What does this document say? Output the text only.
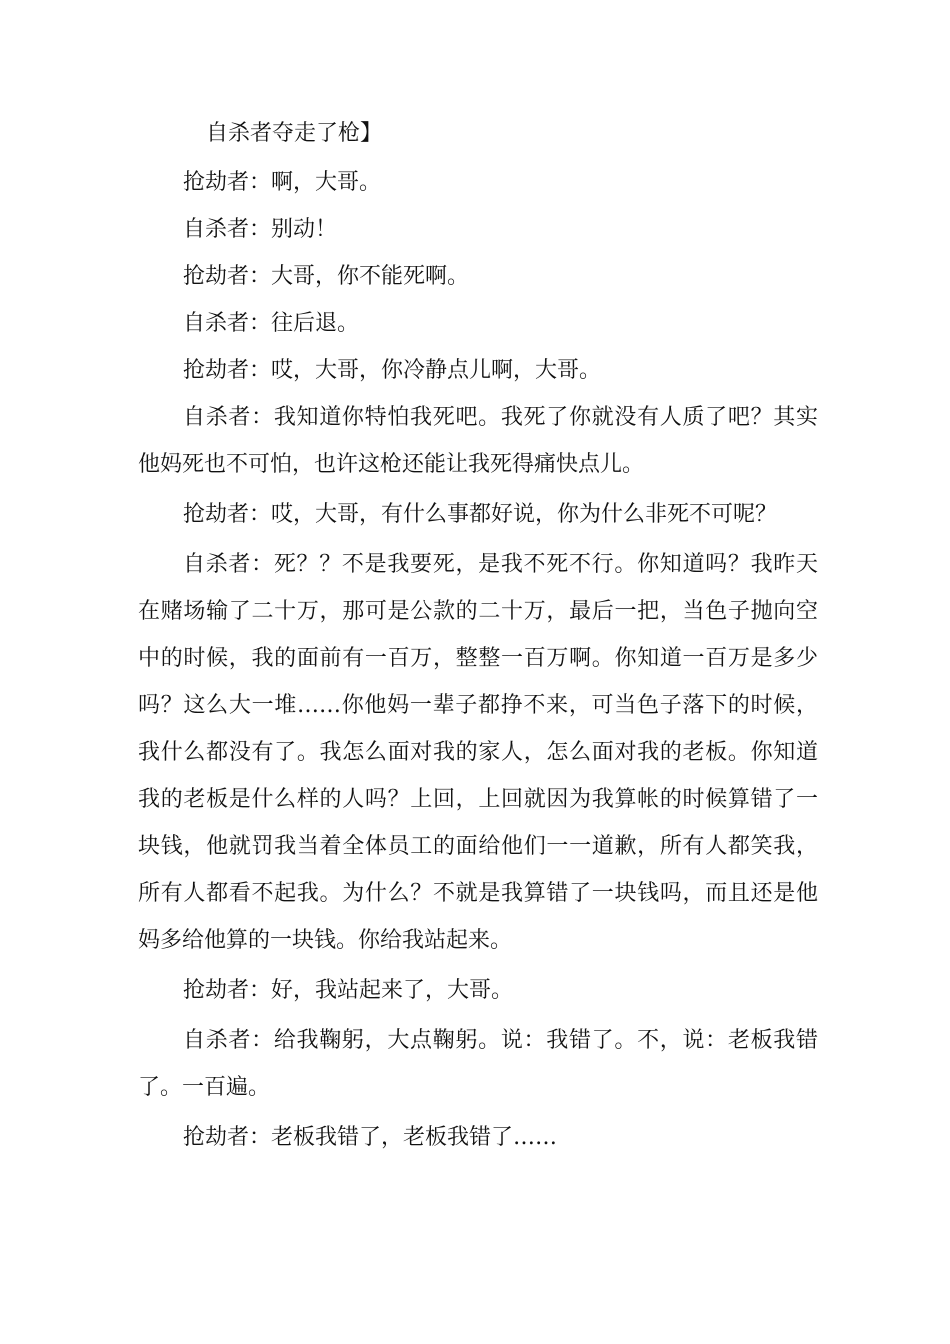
自杀者夺走了枪】

抢劫者：啊，大哥。

自杀者：别动！

抢劫者：大哥，你不能死啊。

自杀者：往后退。

抢劫者：哎，大哥，你冷静点儿啊，大哥。

自杀者：我知道你特怕我死吧。我死了你就没有人质了吧？其实他妈死也不可怕，也许这枪还能让我死得痛快点儿。

抢劫者：哎，大哥，有什么事都好说，你为什么非死不可呢？

自杀者：死？？不是我要死，是我不死不行。你知道吗？我昨天在赌场输了二十万，那可是公款的二十万，最后一把，当色子抛向空中的时候，我的面前有一百万，整整一百万啊。你知道一百万是多少吗？这么大一堆……你他妈一辈子都挣不来，可当色子落下的时候，我什么都没有了。我怎么面对我的家人，怎么面对我的老板。你知道我的老板是什么样的人吗？上回，上回就因为我算帐的时候算错了一块钱，他就罚我当着全体员工的面给他们一一道歉，所有人都笑我，所有人都看不起我。为什么？不就是我算错了一块钱吗，而且还是他妈多给他算的一块钱。你给我站起来。

抢劫者：好，我站起来了，大哥。

自杀者：给我鞠躬，大点鞠躬。说：我错了。不，说：老板我错了。一百遍。

抢劫者：老板我错了，老板我错了……
